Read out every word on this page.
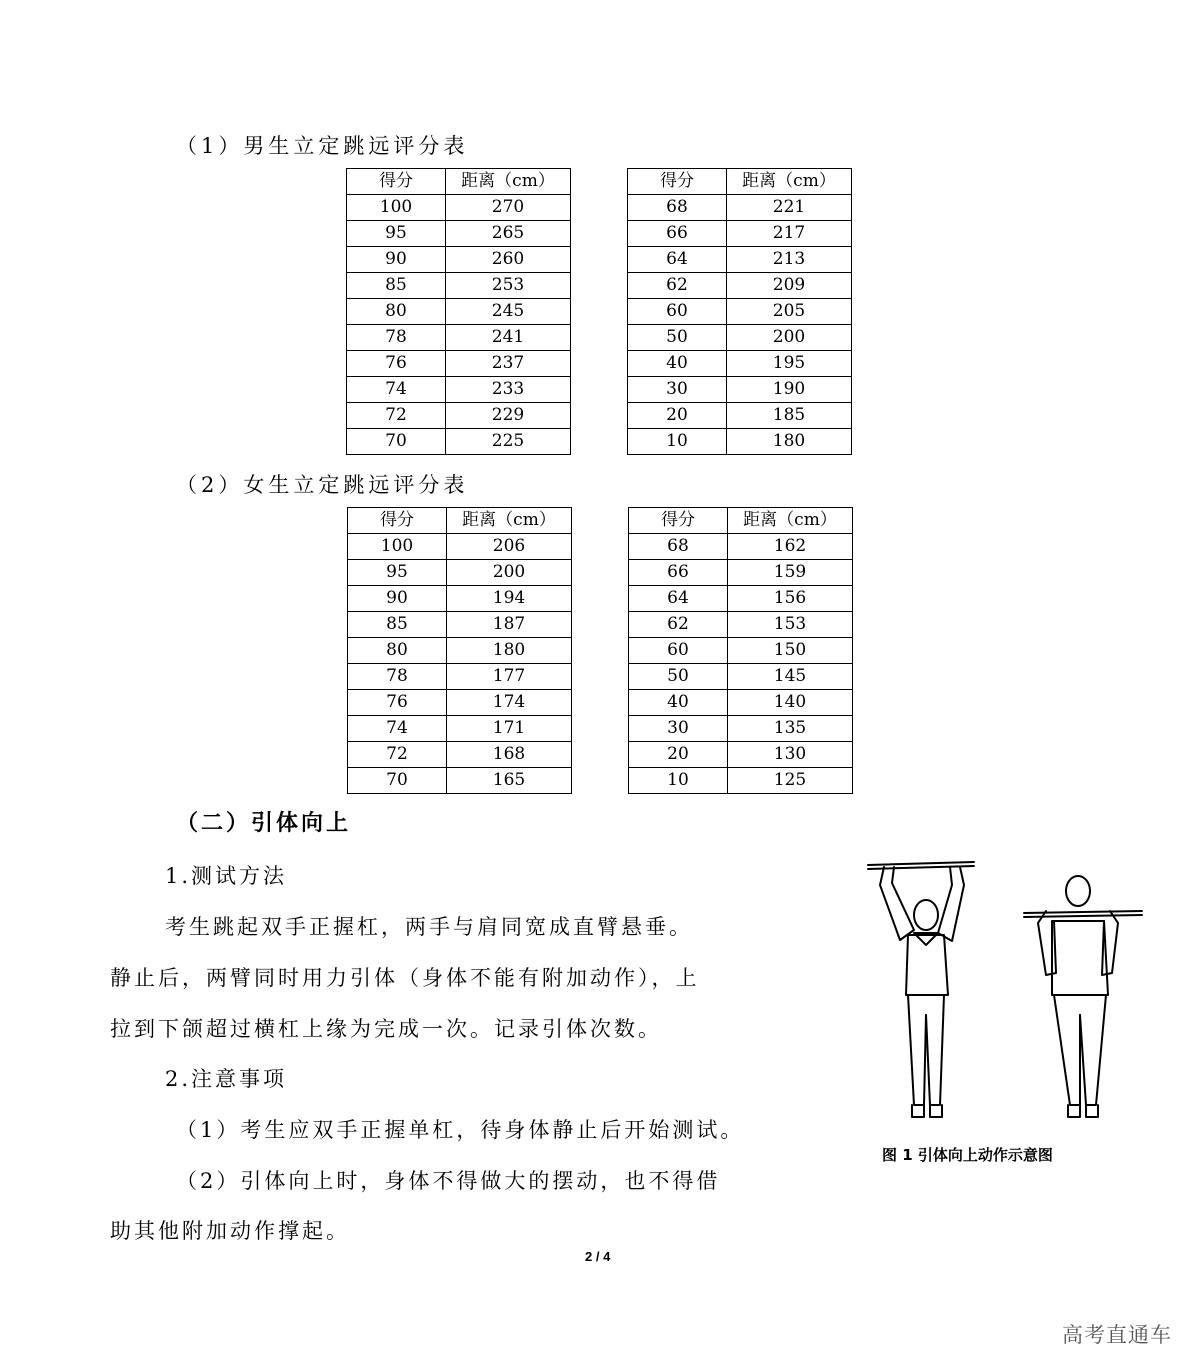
（1）男生立定跳远评分表
得分	距离（cm）
100	270
95	265
90	260
85	253
80	245
78	241
76	237
74	233
72	229
70	225
得分	距离（cm）
68	221
66	217
64	213
62	209
60	205
50	200
40	195
30	190
20	185
10	180
（2）女生立定跳远评分表
得分	距离（cm）
100	206
95	200
90	194
85	187
80	180
78	177
76	174
74	171
72	168
70	165
得分	距离（cm）
68	162
66	159
64	156
62	153
60	150
50	145
40	140
30	135
20	130
10	125
（二）引体向上

1.测试方法

考生跳起双手正握杠，两手与肩同宽成直臂悬垂。

静止后，两臂同时用力引体（身体不能有附加动作），上

拉到下颌超过横杠上缘为完成一次。记录引体次数。

2.注意事项

（1）考生应双手正握单杠，待身体静止后开始测试。

（2）引体向上时，身体不得做大的摆动，也不得借

助其他附加动作撑起。

图 1 引体向上动作示意图
2 / 4
高考直通车
